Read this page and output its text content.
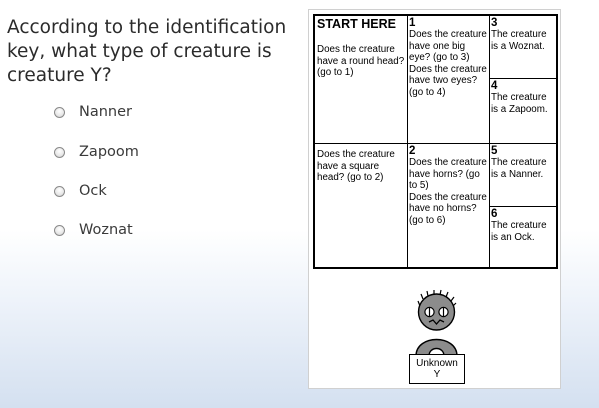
According to the identification key, what type of creature is creature Y?
Nanner
Zapoom
Ock
Woznat
START HERE
Does the creature have a round head? (go to 1)
Does the creature have a square head? (go to 2)
1
Does the creature have one big eye? (go to 3)
Does the creature have two eyes? (go to 4)
2
Does the creature have horns? (go to 5)
Does the creature have no horns? (go to 6)
3
The creature is a Woznat.
4
The creature is a Zapoom.
5
The creature is a Nanner.
6
The creature is an Ock.
Unknown
Y
